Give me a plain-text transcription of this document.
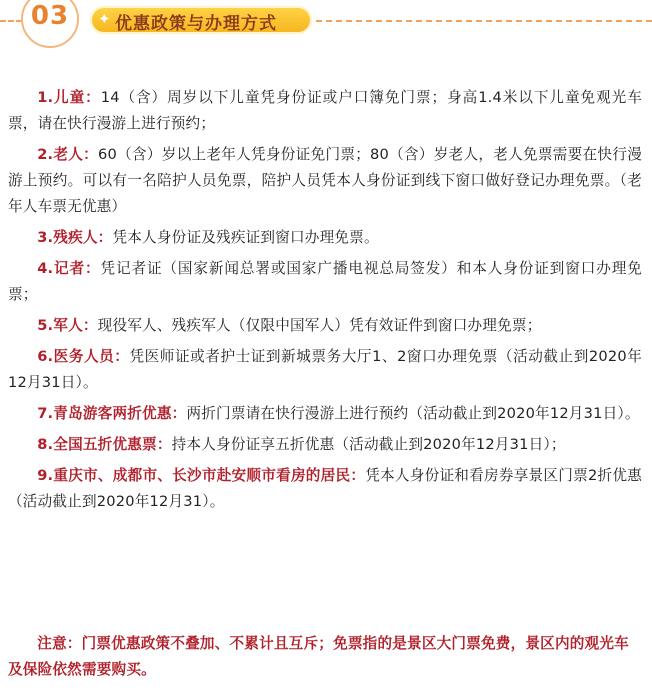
03	✦ 优惠政策与办理方式

1.儿童：14（含）周岁以下儿童凭身份证或户口簿免门票；身高1.4米以下儿童免观光车票，请在快行漫游上进行预约；

2.老人：60（含）岁以上老年人凭身份证免门票；80（含）岁老人，老人免票需要在快行漫游上预约。可以有一名陪护人员免票，陪护人员凭本人身份证到线下窗口做好登记办理免票。（老年人车票无优惠）

3.残疾人：凭本人身份证及残疾证到窗口办理免票。

4.记者：凭记者证（国家新闻总署或国家广播电视总局签发）和本人身份证到窗口办理免票；

5.军人：现役军人、残疾军人（仅限中国军人）凭有效证件到窗口办理免票；

6.医务人员：凭医师证或者护士证到新城票务大厅1、2窗口办理免票（活动截止到2020年12月31日）。

7.青岛游客两折优惠：两折门票请在快行漫游上进行预约（活动截止到2020年12月31日）。

8.全国五折优惠票：持本人身份证享五折优惠（活动截止到2020年12月31日）；

9.重庆市、成都市、长沙市赴安顺市看房的居民：凭本人身份证和看房券享景区门票2折优惠（活动截止到2020年12月31）。

注意：门票优惠政策不叠加、不累计且互斥；免票指的是景区大门票免费，景区内的观光车及保险依然需要购买。
